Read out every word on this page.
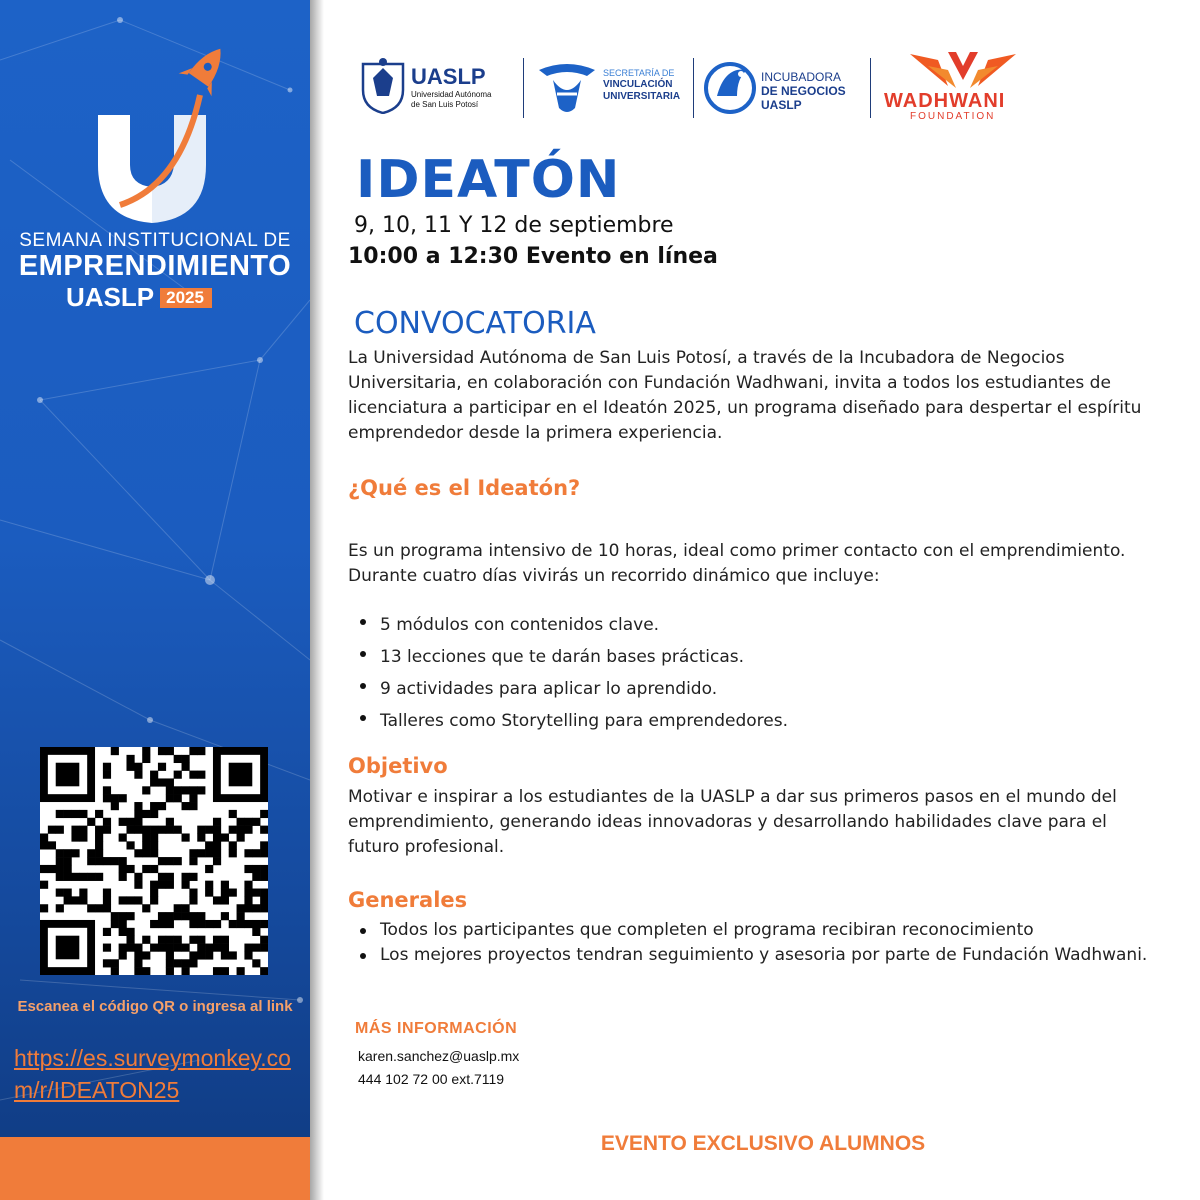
SEMANA INSTITUCIONAL DE
EMPRENDIMIENTO
UASLP 2025
Escanea el código QR o ingresa al link
https://es.surveymonkey.com/r/IDEATON25
UASLP
Universidad Autónoma
de San Luis Potosí
SECRETARÍA DE
VINCULACIÓN
UNIVERSITARIA
INCUBADORA
DE NEGOCIOS
UASLP	WADHWANI
FOUNDATION
IDEATÓN
9, 10, 11 Y 12 de septiembre
10:00 a 12:30 Evento en línea
CONVOCATORIA
La Universidad Autónoma de San Luis Potosí, a través de la Incubadora de Negocios Universitaria, en colaboración con Fundación Wadhwani, invita a todos los estudiantes de licenciatura a participar en el Ideatón 2025, un programa diseñado para despertar el espíritu emprendedor desde la primera experiencia.
¿Qué es el Ideatón?
Es un programa intensivo de 10 horas, ideal como primer contacto con el emprendimiento. Durante cuatro días vivirás un recorrido dinámico que incluye:
5 módulos con contenidos clave.
13 lecciones que te darán bases prácticas.
9 actividades para aplicar lo aprendido.
Talleres como Storytelling para emprendedores.
Objetivo
Motivar e inspirar a los estudiantes de la UASLP a dar sus primeros pasos en el mundo del emprendimiento, generando ideas innovadoras y desarrollando habilidades clave para el futuro profesional.
Generales
Todos los participantes que completen el programa recibiran reconocimiento
Los mejores proyectos tendran seguimiento y asesoria por parte de Fundación Wadhwani.
MÁS INFORMACIÓN
karen.sanchez@uaslp.mx
444 102 72 00 ext.7119
EVENTO EXCLUSIVO ALUMNOS
